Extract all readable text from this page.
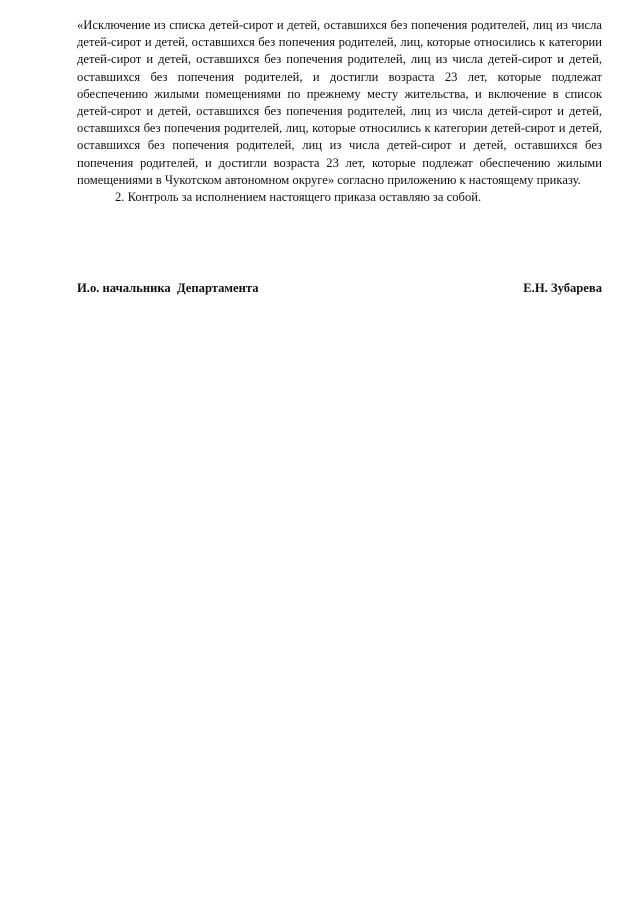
«Исключение из списка детей-сирот и детей, оставшихся без попечения родителей, лиц из числа детей-сирот и детей, оставшихся без попечения родителей, лиц, которые относились к категории детей-сирот и детей, оставшихся без попечения родителей, лиц из числа детей-сирот и детей, оставшихся без попечения родителей, и достигли возраста 23 лет, которые подлежат обеспечению жилыми помещениями по прежнему месту жительства, и включение в список детей-сирот и детей, оставшихся без попечения родителей, лиц из числа детей-сирот и детей, оставшихся без попечения родителей, лиц, которые относились к категории детей-сирот и детей, оставшихся без попечения родителей, лиц из числа детей-сирот и детей, оставшихся без попечения родителей, и достигли возраста 23 лет, которые подлежат обеспечению жилыми помещениями в Чукотском автономном округе» согласно приложению к настоящему приказу.

2. Контроль за исполнением настоящего приказа оставляю за собой.

И.о. начальника  Департамента	Е.Н. Зубарева
